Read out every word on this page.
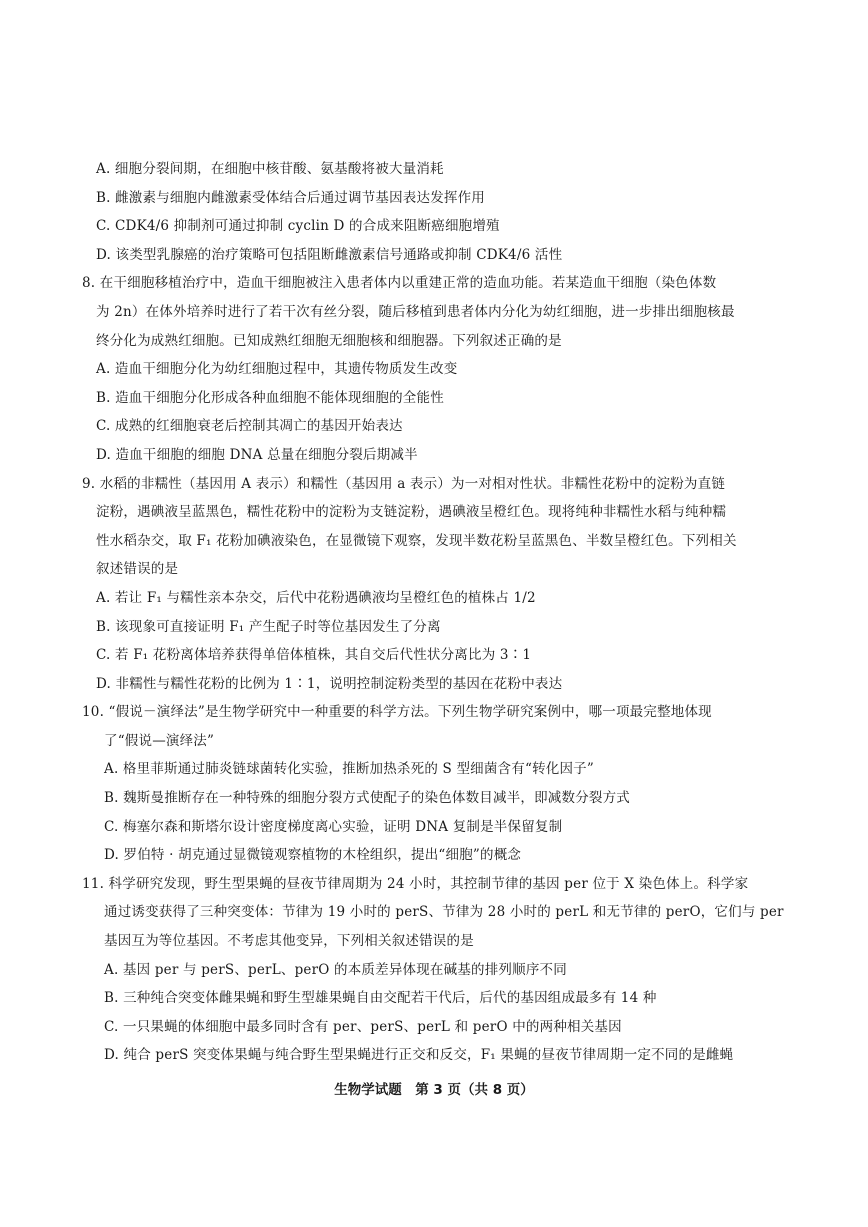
A. 细胞分裂间期，在细胞中核苷酸、氨基酸将被大量消耗
B. 雌激素与细胞内雌激素受体结合后通过调节基因表达发挥作用
C. CDK4/6 抑制剂可通过抑制 cyclin D 的合成来阻断癌细胞增殖
D. 该类型乳腺癌的治疗策略可包括阻断雌激素信号通路或抑制 CDK4/6 活性
8. 在干细胞移植治疗中，造血干细胞被注入患者体内以重建正常的造血功能。若某造血干细胞（染色体数
为 2n）在体外培养时进行了若干次有丝分裂，随后移植到患者体内分化为幼红细胞，进一步排出细胞核最
终分化为成熟红细胞。已知成熟红细胞无细胞核和细胞器。下列叙述正确的是
A. 造血干细胞分化为幼红细胞过程中，其遗传物质发生改变
B. 造血干细胞分化形成各种血细胞不能体现细胞的全能性
C. 成熟的红细胞衰老后控制其凋亡的基因开始表达
D. 造血干细胞的细胞 DNA 总量在细胞分裂后期减半
9. 水稻的非糯性（基因用 A 表示）和糯性（基因用 a 表示）为一对相对性状。非糯性花粉中的淀粉为直链
淀粉，遇碘液呈蓝黑色，糯性花粉中的淀粉为支链淀粉，遇碘液呈橙红色。现将纯种非糯性水稻与纯种糯
性水稻杂交，取 F₁ 花粉加碘液染色，在显微镜下观察，发现半数花粉呈蓝黑色、半数呈橙红色。下列相关
叙述错误的是
A. 若让 F₁ 与糯性亲本杂交，后代中花粉遇碘液均呈橙红色的植株占 1/2
B. 该现象可直接证明 F₁ 产生配子时等位基因发生了分离
C. 若 F₁ 花粉离体培养获得单倍体植株，其自交后代性状分离比为 3∶1
D. 非糯性与糯性花粉的比例为 1∶1，说明控制淀粉类型的基因在花粉中表达
10. “假说－演绎法”是生物学研究中一种重要的科学方法。下列生物学研究案例中，哪一项最完整地体现
了“假说—演绎法”
A. 格里菲斯通过肺炎链球菌转化实验，推断加热杀死的 S 型细菌含有“转化因子”
B. 魏斯曼推断存在一种特殊的细胞分裂方式使配子的染色体数目减半，即减数分裂方式
C. 梅塞尔森和斯塔尔设计密度梯度离心实验，证明 DNA 复制是半保留复制
D. 罗伯特 · 胡克通过显微镜观察植物的木栓组织，提出“细胞”的概念
11. 科学研究发现，野生型果蝇的昼夜节律周期为 24 小时，其控制节律的基因 per 位于 X 染色体上。科学家
通过诱变获得了三种突变体：节律为 19 小时的 perS、节律为 28 小时的 perL 和无节律的 perO，它们与 per
基因互为等位基因。不考虑其他变异，下列相关叙述错误的是
A. 基因 per 与 perS、perL、perO 的本质差异体现在碱基的排列顺序不同
B. 三种纯合突变体雌果蝇和野生型雄果蝇自由交配若干代后，后代的基因组成最多有 14 种
C. 一只果蝇的体细胞中最多同时含有 per、perS、perL 和 perO 中的两种相关基因
D. 纯合 perS 突变体果蝇与纯合野生型果蝇进行正交和反交，F₁ 果蝇的昼夜节律周期一定不同的是雌蝇
生物学试题　第 3 页（共 8 页）
